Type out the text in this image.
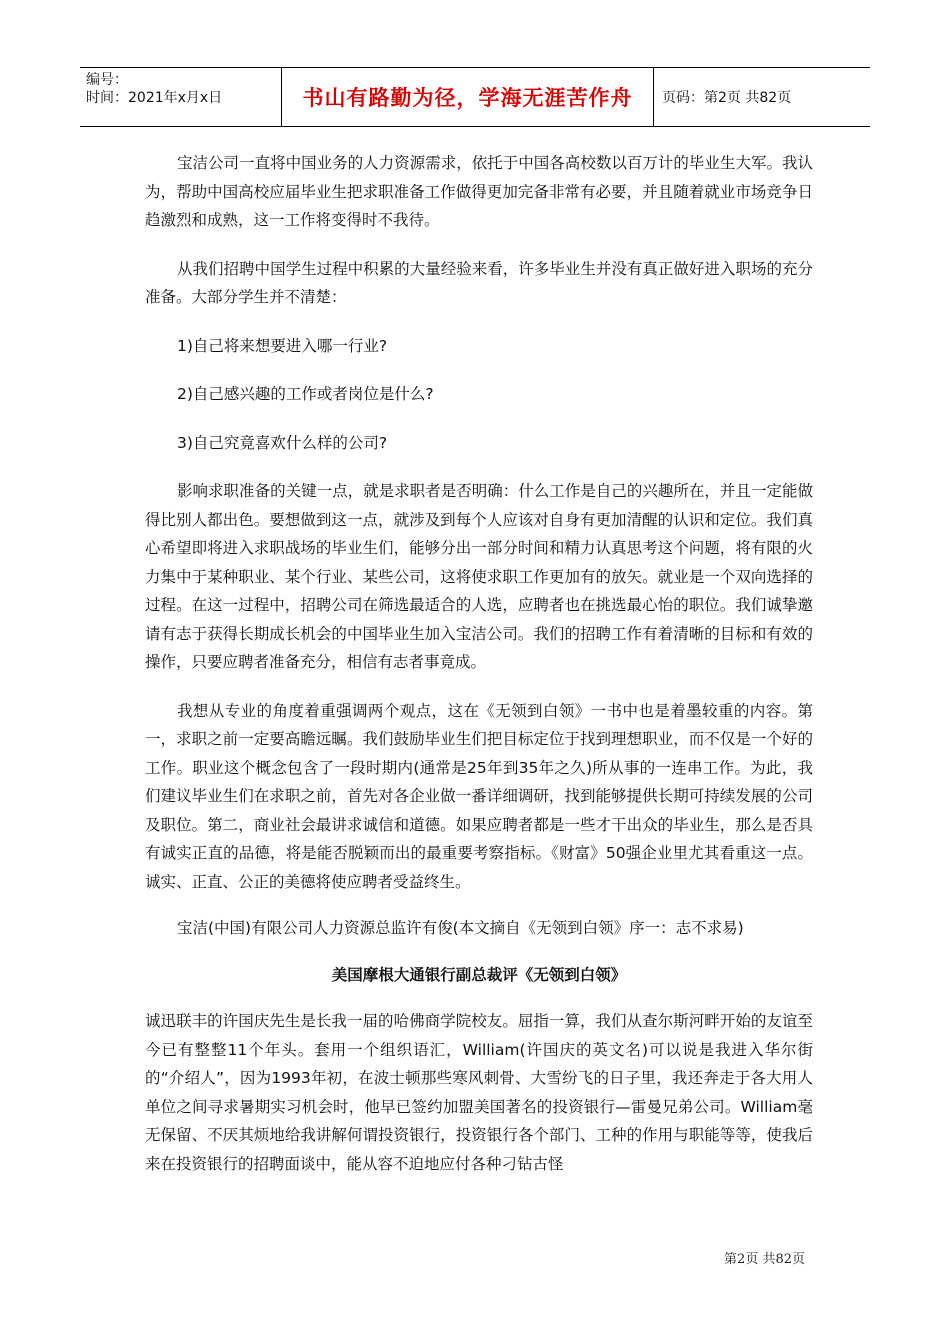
编号：
时间：2021年x月x日	书山有路勤为径，学海无涯苦作舟	页码：第2页 共82页

宝洁公司一直将中国业务的人力资源需求，依托于中国各高校数以百万计的毕业生大军。我认为，帮助中国高校应届毕业生把求职准备工作做得更加完备非常有必要，并且随着就业市场竞争日趋激烈和成熟，这一工作将变得时不我待。

从我们招聘中国学生过程中积累的大量经验来看，许多毕业生并没有真正做好进入职场的充分准备。大部分学生并不清楚：

1)自己将来想要进入哪一行业?

2)自己感兴趣的工作或者岗位是什么?

3)自己究竟喜欢什么样的公司?

影响求职准备的关键一点，就是求职者是否明确：什么工作是自己的兴趣所在，并且一定能做得比别人都出色。要想做到这一点，就涉及到每个人应该对自身有更加清醒的认识和定位。我们真心希望即将进入求职战场的毕业生们，能够分出一部分时间和精力认真思考这个问题，将有限的火力集中于某种职业、某个行业、某些公司，这将使求职工作更加有的放矢。就业是一个双向选择的过程。在这一过程中，招聘公司在筛选最适合的人选，应聘者也在挑选最心怡的职位。我们诚挚邀请有志于获得长期成长机会的中国毕业生加入宝洁公司。我们的招聘工作有着清晰的目标和有效的操作，只要应聘者准备充分，相信有志者事竟成。

我想从专业的角度着重强调两个观点，这在《无领到白领》一书中也是着墨较重的内容。第一，求职之前一定要高瞻远瞩。我们鼓励毕业生们把目标定位于找到理想职业，而不仅是一个好的工作。职业这个概念包含了一段时期内(通常是25年到35年之久)所从事的一连串工作。为此，我们建议毕业生们在求职之前，首先对各企业做一番详细调研，找到能够提供长期可持续发展的公司及职位。第二，商业社会最讲求诚信和道德。如果应聘者都是一些才干出众的毕业生，那么是否具有诚实正直的品德，将是能否脱颖而出的最重要考察指标。《财富》50强企业里尤其看重这一点。诚实、正直、公正的美德将使应聘者受益终生。

宝洁(中国)有限公司人力资源总监许有俊(本文摘自《无领到白领》序一：志不求易)

美国摩根大通银行副总裁评《无领到白领》

诚迅联丰的许国庆先生是长我一届的哈佛商学院校友。屈指一算，我们从查尔斯河畔开始的友谊至今已有整整11个年头。套用一个组织语汇，William(许国庆的英文名)可以说是我进入华尔街的“介绍人”，因为1993年初，在波士顿那些寒风刺骨、大雪纷飞的日子里，我还奔走于各大用人单位之间寻求暑期实习机会时，他早已签约加盟美国著名的投资银行—雷曼兄弟公司。William毫无保留、不厌其烦地给我讲解何谓投资银行，投资银行各个部门、工种的作用与职能等等，使我后来在投资银行的招聘面谈中，能从容不迫地应付各种刁钻古怪

第2页 共82页
